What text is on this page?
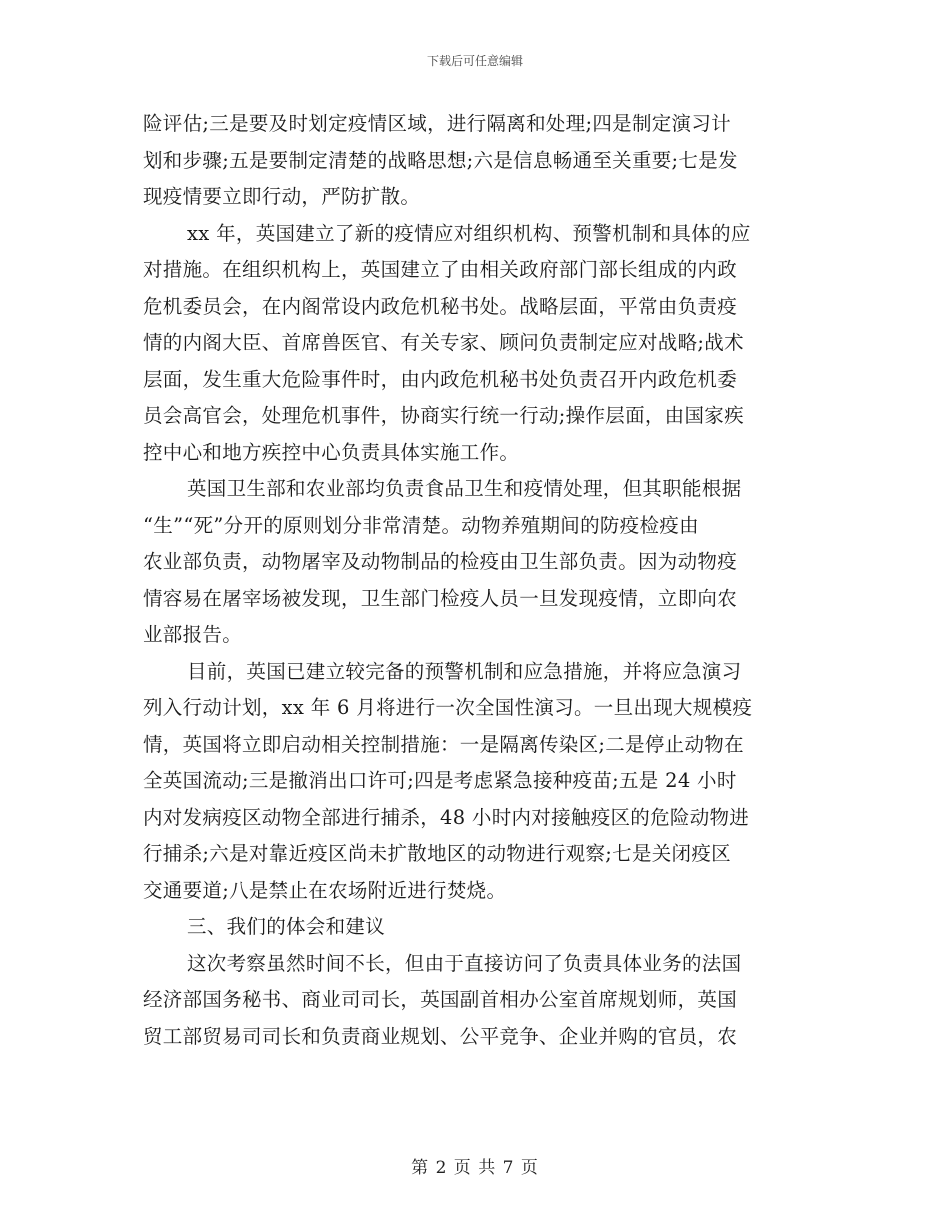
下载后可任意编辑
险评估;三是要及时划定疫情区域，进行隔离和处理;四是制定演习计
划和步骤;五是要制定清楚的战略思想;六是信息畅通至关重要;七是发
现疫情要立即行动，严防扩散。
xx 年，英国建立了新的疫情应对组织机构、预警机制和具体的应
对措施。在组织机构上，英国建立了由相关政府部门部长组成的内政
危机委员会，在内阁常设内政危机秘书处。战略层面，平常由负责疫
情的内阁大臣、首席兽医官、有关专家、顾问负责制定应对战略;战术
层面，发生重大危险事件时，由内政危机秘书处负责召开内政危机委
员会高官会，处理危机事件，协商实行统一行动;操作层面，由国家疾
控中心和地方疾控中心负责具体实施工作。
英国卫生部和农业部均负责食品卫生和疫情处理，但其职能根据
“生”“死”分开的原则划分非常清楚。动物养殖期间的防疫检疫由
农业部负责，动物屠宰及动物制品的检疫由卫生部负责。因为动物疫
情容易在屠宰场被发现，卫生部门检疫人员一旦发现疫情，立即向农
业部报告。
目前，英国已建立较完备的预警机制和应急措施，并将应急演习
列入行动计划，xx 年 6 月将进行一次全国性演习。一旦出现大规模疫
情，英国将立即启动相关控制措施：一是隔离传染区;二是停止动物在
全英国流动;三是撤消出口许可;四是考虑紧急接种疫苗;五是 24 小时
内对发病疫区动物全部进行捕杀，48 小时内对接触疫区的危险动物进
行捕杀;六是对靠近疫区尚未扩散地区的动物进行观察;七是关闭疫区
交通要道;八是禁止在农场附近进行焚烧。
三、我们的体会和建议
这次考察虽然时间不长，但由于直接访问了负责具体业务的法国
经济部国务秘书、商业司司长，英国副首相办公室首席规划师，英国
贸工部贸易司司长和负责商业规划、公平竞争、企业并购的官员，农
第 2 页 共 7 页
